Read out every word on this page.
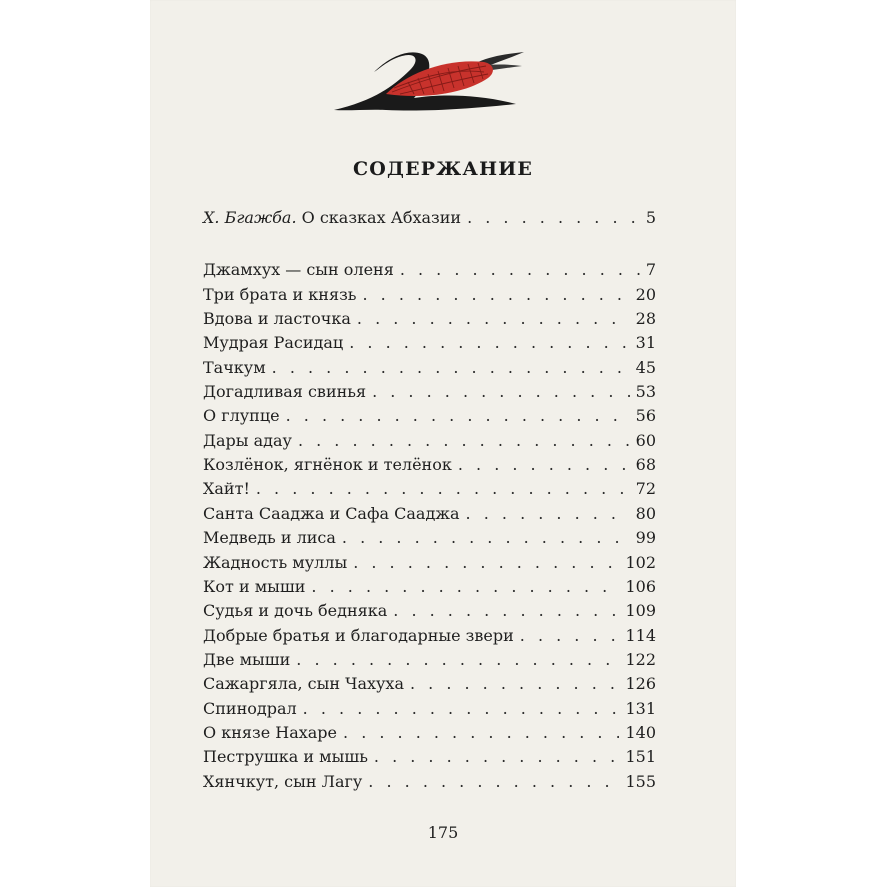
СОДЕРЖАНИЕ
Х. Бгажба. О сказках Абхазии . . .	5
Джамхух — сын оленя . . .	7
Три брата и князь . . .	20
Вдова и ласточка . . .	28
Мудрая Расидац . . .	31
Тачкум . . .	45
Догадливая свинья . . .	53
О глупце . . .	56
Дары адау . . .	60
Козлёнок, ягнёнок и телёнок . . .	68
Хайт! . . .	72
Санта Сааджа и Сафа Сааджа . . .	80
Медведь и лиса . . .	99
Жадность муллы . . .	102
Кот и мыши . . .	106
Судья и дочь бедняка . . .	109
Добрые братья и благодарные звери . . .	114
Две мыши . . .	122
Сажаргяла, сын Чахуха . . .	126
Спинодрал . . .	131
О князе Нахаре . . .	140
Пеструшка и мышь . . .	151
Хянчкут, сын Лагу . . .	155
175
